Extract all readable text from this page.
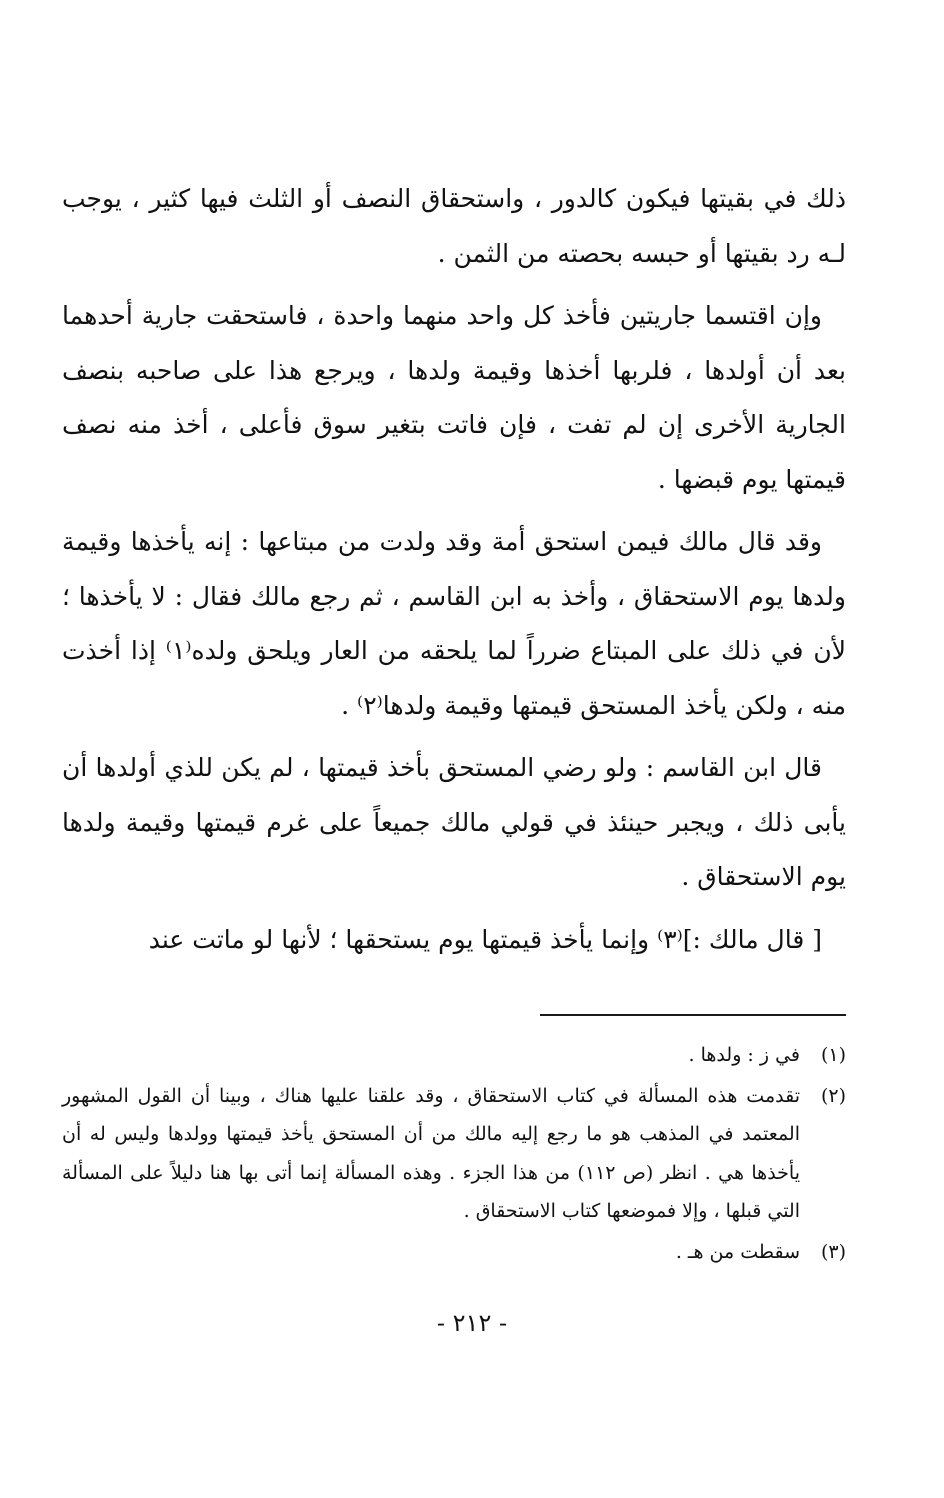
ذلك في بقيتها فيكون كالدور ، واستحقاق النصف أو الثلث فيها كثير ، يوجب لـه رد بقيتها أو حبسه بحصته من الثمن .

وإن اقتسما جاريتين فأخذ كل واحد منهما واحدة ، فاستحقت جارية أحدهما بعد أن أولدها ، فلربها أخذها وقيمة ولدها ، ويرجع هذا على صاحبه بنصف الجارية الأخرى إن لم تفت ، فإن فاتت بتغير سوق فأعلى ، أخذ منه نصف قيمتها يوم قبضها .

وقد قال مالك فيمن استحق أمة وقد ولدت من مبتاعها : إنه يأخذها وقيمة ولدها يوم الاستحقاق ، وأخذ به ابن القاسم ، ثم رجع مالك فقال : لا يأخذها ؛ لأن في ذلك على المبتاع ضرراً لما يلحقه من العار ويلحق ولده⁽١⁾ إذا أخذت منه ، ولكن يأخذ المستحق قيمتها وقيمة ولدها⁽٢⁾ .

قال ابن القاسم : ولو رضي المستحق بأخذ قيمتها ، لم يكن للذي أولدها أن يأبى ذلك ، ويجبر حينئذ في قولي مالك جميعاً على غرم قيمتها وقيمة ولدها يوم الاستحقاق .

[ قال مالك :]⁽٣⁾ وإنما يأخذ قيمتها يوم يستحقها ؛ لأنها لو ماتت عند

(١)
في ز : ولدها .
(٢)
تقدمت هذه المسألة في كتاب الاستحقاق ، وقد علقنا عليها هناك ، وبينا أن القول المشهور المعتمد في المذهب هو ما رجع إليه مالك من أن المستحق يأخذ قيمتها وولدها وليس له أن يأخذها هي . انظر (ص ١١٢) من هذا الجزء . وهذه المسألة إنما أتى بها هنا دليلاً على المسألة التي قبلها ، وإلا فموضعها كتاب الاستحقاق .
(٣)
سقطت من هـ .
- ٢١٢ -
